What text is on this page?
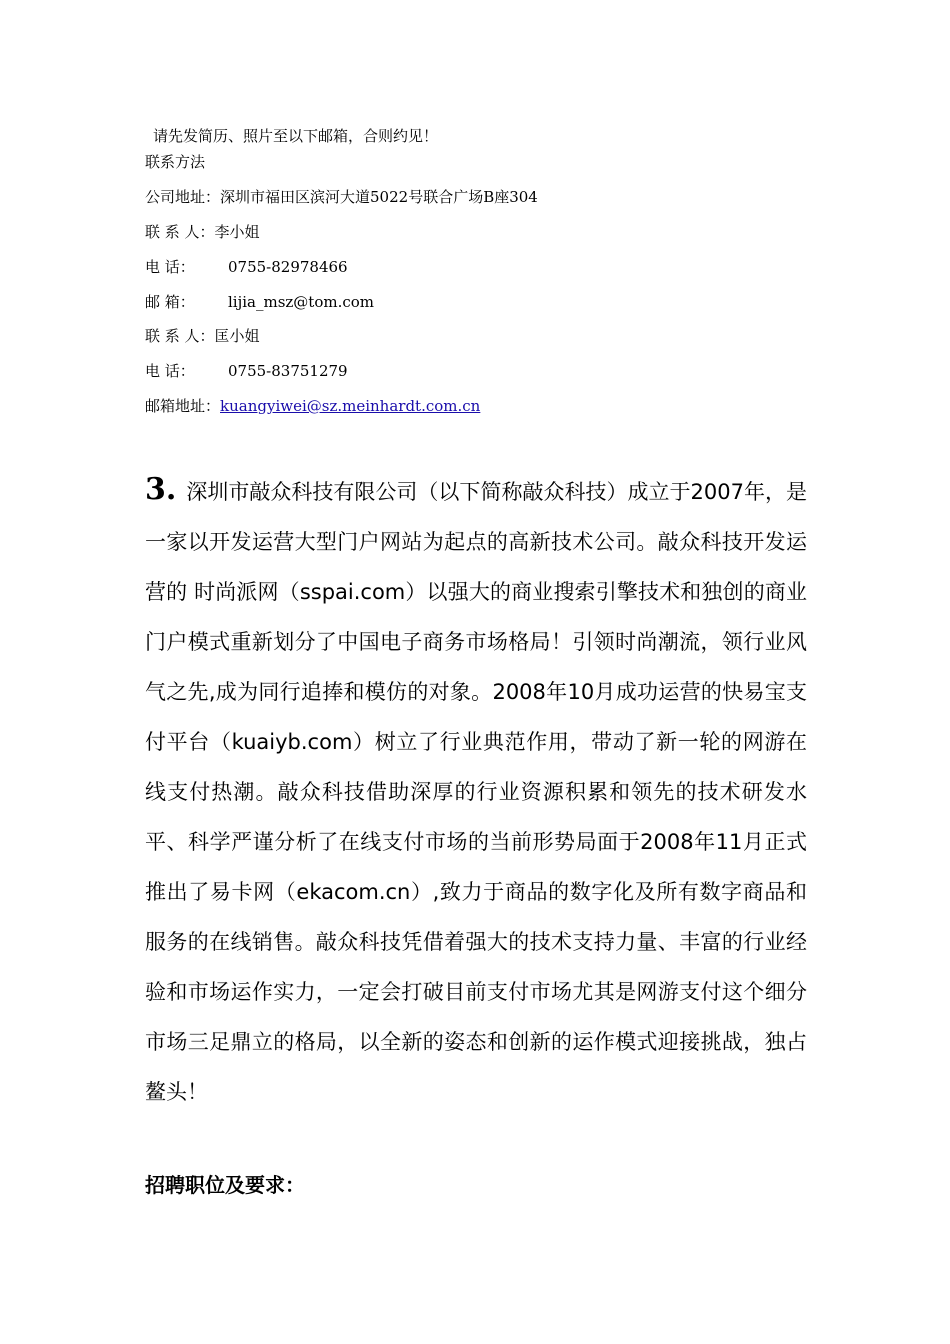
请先发简历、照片至以下邮箱，合则约见！
联系方法
公司地址：深圳市福田区滨河大道5022号联合广场B座304
联 系 人：李小姐
电 话： 0755-82978466
邮 箱： lijia_msz@tom.com
联 系 人：匡小姐
电 话： 0755-83751279
邮箱地址：kuangyiwei@sz.meinhardt.com.cn
3. 深圳市敲众科技有限公司（以下简称敲众科技）成立于2007年，是一家以开发运营大型门户网站为起点的高新技术公司。敲众科技开发运营的 时尚派网（sspai.com）以强大的商业搜索引擎技术和独创的商业门户模式重新划分了中国电子商务市场格局！引领时尚潮流，领行业风气之先,成为同行追捧和模仿的对象。2008年10月成功运营的快易宝支付平台（kuaiyb.com）树立了行业典范作用，带动了新一轮的网游在线支付热潮。敲众科技借助深厚的行业资源积累和领先的技术研发水平、科学严谨分析了在线支付市场的当前形势局面于2008年11月正式推出了易卡网（ekacom.cn）,致力于商品的数字化及所有数字商品和服务的在线销售。敲众科技凭借着强大的技术支持力量、丰富的行业经验和市场运作实力，一定会打破目前支付市场尤其是网游支付这个细分市场三足鼎立的格局，以全新的姿态和创新的运作模式迎接挑战，独占鳌头！
招聘职位及要求：
